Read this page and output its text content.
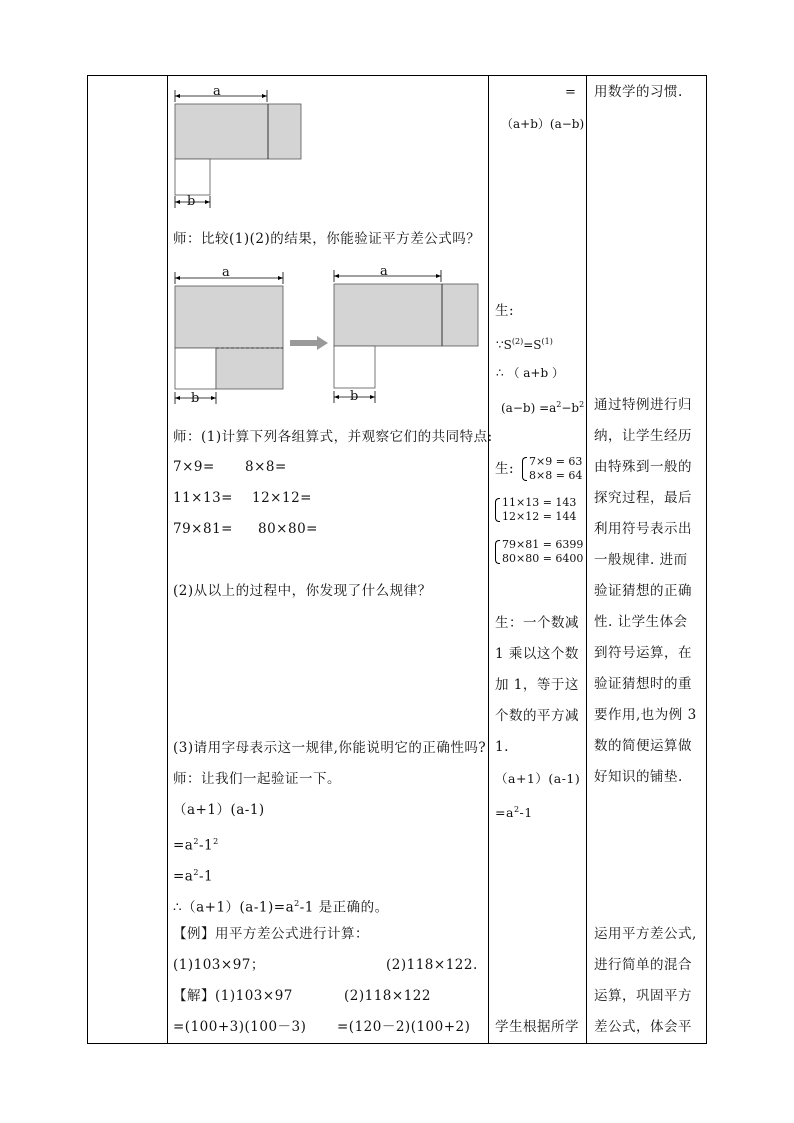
a
b
师：比较(1)(2)的结果，你能验证平方差公式吗？
a
b
a
b
师：(1)计算下列各组算式，并观察它们的共同特点:
7×9= 8×8=
11×13= 12×12=
79×81= 80×80=
(2)从以上的过程中，你发现了什么规律？
(3)请用字母表示这一规律,你能说明它的正确性吗?
师：让我们一起验证一下。
（a+1）(a-1)
$=a^2-1^2$
$=a^2-1$
$\therefore(a+1)(a-1)=a^2-1$ 是正确的。
【例】用平方差公式进行计算：
(1)103×97；	(2)118×122.
【解】(1)103×97	(2)118×122
=(100+3)(100－3) =(120－2)(100+2)
=
（a+b）(a−b)
生:
$\because S^{(2)}=S^{(1)}$
∴ （ a+b ）
$(a-b) =a^2-b^2$
生: 7×9 = 63
8×8 = 64
11×13 = 143
12×12 = 144
79×81 = 6399
80×80 = 6400
生：一个数减
1 乘以这个数
加 1，等于这
个数的平方减
1.
（a+1）(a-1)
$=a^2-1$
学生根据所学
用数学的习惯.
通过特例进行归
纳，让学生经历
由特殊到一般的
探究过程，最后
利用符号表示出
一般规律. 进而
验证猜想的正确
性. 让学生体会
到符号运算，在
验证猜想时的重
要作用,也为例 3
数的简便运算做
好知识的铺垫.
运用平方差公式,
进行简单的混合
运算，巩固平方
差公式，体会平
